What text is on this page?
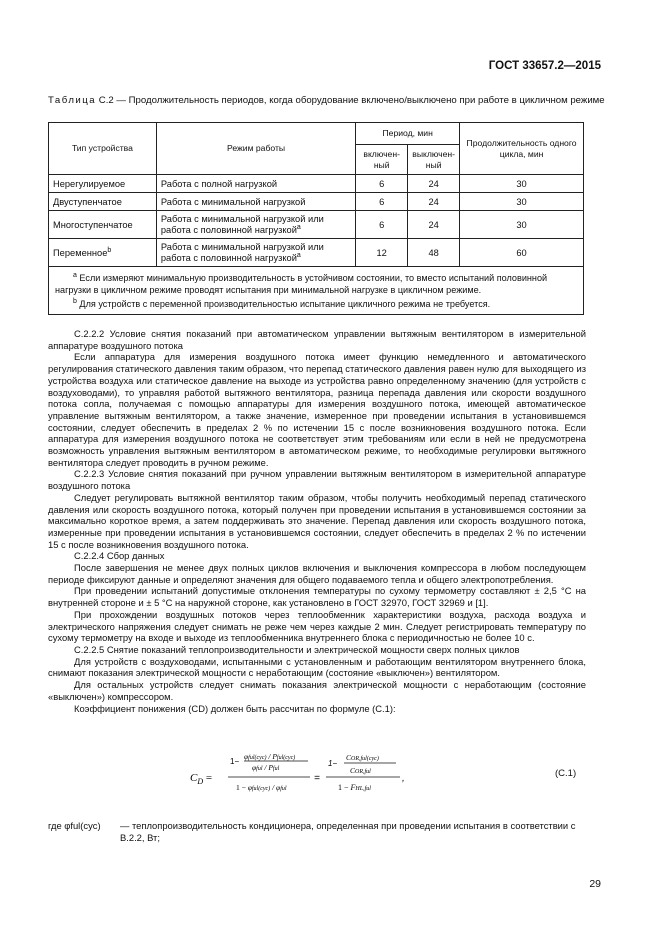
ГОСТ 33657.2—2015
Таблица С.2 — Продолжительность периодов, когда оборудование включено/выключено при работе в цикличном режиме
Тип устройства	Режим работы	Период, мин		Продолжительность одного цикла, мин
		включен-ный	выключен-ный	
Нерегулируемое	Работа с полной нагрузкой	6	24	30
Двуступенчатое	Работа с минимальной нагрузкой	6	24	30
Многоступенчатое	Работа с минимальной нагрузкой или работа с половинной нагрузкой$^а$	6	24	30
Переменное$^b$	Работа с минимальной нагрузкой или работа с половинной нагрузкой$^а$	12	48	60

$^a$ Если измеряют минимальную производительность в устойчивом состоянии, то вместо испытаний половинной нагрузки в цикличном режиме проводят испытания при минимальной нагрузке в цикличном режиме.
$^b$ Для устройств с переменной производительностью испытание цикличного режима не требуется.				

С.2.2.2 Условие снятия показаний при автоматическом управлении вытяжным вентилятором в измерительной аппаратуре воздушного потока

Если аппаратура для измерения воздушного потока имеет функцию немедленного и автоматического регулирования статического давления таким образом, что перепад статического давления равен нулю для выходящего из устройства воздуха или статическое давление на выходе из устройства равно определенному значению (для устройств с воздуховодами), то управляя работой вытяжного вентилятора, разница перепада давления или скорости воздушного потока сопла, получаемая с помощью аппаратуры для измерения воздушного потока, имеющей автоматическое управление вытяжным вентилятором, а также значение, измеренное при проведении испытания в установившемся состоянии, следует обеспечить в пределах 2 % по истечении 15 с после возникновения воздушного потока. Если аппаратура для измерения воздушного потока не соответствует этим требованиям или если в ней не предусмотрена возможность управления вытяжным вентилятором в автоматическом режиме, то необходимые регулировки вытяжного вентилятора следует проводить в ручном режиме.

С.2.2.3 Условие снятия показаний при ручном управлении вытяжным вентилятором в измерительной аппаратуре воздушного потока

Следует регулировать вытяжной вентилятор таким образом, чтобы получить необходимый перепад статического давления или скорость воздушного потока, который получен при проведении испытания в установившемся состоянии за максимально короткое время, а затем поддерживать это значение. Перепад давления или скорость воздушного потока, измеренные при проведении испытания в установившемся состоянии, следует обеспечить в пределах 2 % по истечении 15 с после возникновения воздушного потока.

С.2.2.4 Сбор данных

После завершения не менее двух полных циклов включения и выключения компрессора в любом последующем периоде фиксируют данные и определяют значения для общего подаваемого тепла и общего электропотребления.

При проведении испытаний допустимые отклонения температуры по сухому термометру составляют ± 2,5 °С на внутренней стороне и ± 5 °С на наружной стороне, как установлено в ГОСТ 32970, ГОСТ 32969 и [1].

При прохождении воздушных потоков через теплообменник характеристики воздуха, расхода воздуха и электрического напряжения следует снимать не реже чем через каждые 2 мин. Следует регистрировать температуру по сухому термометру на входе и выходе из теплообменника внутреннего блока с периодичностью не более 10 с.

С.2.2.5 Снятие показаний теплопроизводительности и электрической мощности сверх полных циклов

Для устройств с воздуховодами, испытанными с установленным и работающим вентилятором внутреннего блока, снимают показания электрической мощности с неработающим (состояние «выключен») вентилятором.

Для остальных устройств следует снимать показания электрической мощности с неработающим (состояние «выключен») компрессором.

Коэффициент понижения (CD) должен быть рассчитан по формуле (С.1):

$C_D$ =
1−
φful(cyc) / Pful(cyc)
φful / Pful
1 − φful(cyc) / φful
=
1−
COR,ful(cyc)
COR,ful
1 − FHL,ful
,	(С.1)
где φful(cyc)	— теплопроизводительность кондиционера, определенная при проведении испытания в соответствии с В.2.2, Вт;
29
